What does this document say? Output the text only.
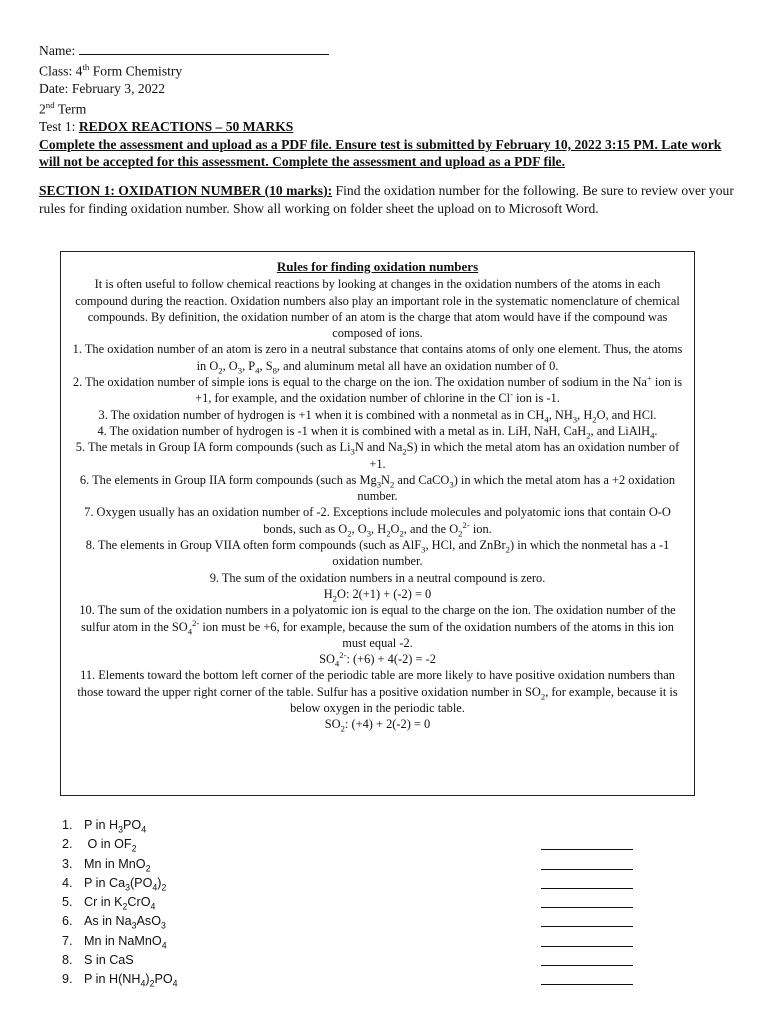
Name:
Class: 4th Form Chemistry
Date: February 3, 2022
2nd Term
Test 1: REDOX REACTIONS – 50 MARKS
Complete the assessment and upload as a PDF file. Ensure test is submitted by February 10, 2022 3:15 PM. Late work will not be accepted for this assessment. Complete the assessment and upload as a PDF file.
SECTION 1: OXIDATION NUMBER (10 marks): Find the oxidation number for the following. Be sure to review over your rules for finding oxidation number. Show all working on folder sheet the upload on to Microsoft Word.
Rules for finding oxidation numbers

It is often useful to follow chemical reactions by looking at changes in the oxidation numbers of the atoms in each compound during the reaction. Oxidation numbers also play an important role in the systematic nomenclature of chemical compounds. By definition, the oxidation number of an atom is the charge that atom would have if the compound was composed of ions.

1. The oxidation number of an atom is zero in a neutral substance that contains atoms of only one element. Thus, the atoms in $O_2$, $O_3$, $P_4$, $S_8$, and aluminum metal all have an oxidation number of 0.

2. The oxidation number of simple ions is equal to the charge on the ion. The oxidation number of sodium in the Na+ ion is +1, for example, and the oxidation number of chlorine in the Cl- ion is -1.

3. The oxidation number of hydrogen is +1 when it is combined with a nonmetal as in $CH_4$, $NH_3$, $H_2O$, and HCl.

4. The oxidation number of hydrogen is -1 when it is combined with a metal as in. LiH, NaH, CaH$_2$, and LiAlH$_4$.

5. The metals in Group IA form compounds (such as $Li_3N$ and $Na_2S$) in which the metal atom has an oxidation number of +1.

6. The elements in Group IIA form compounds (such as $Mg_3N_2$ and CaCO$_3$) in which the metal atom has a +2 oxidation number.

7. Oxygen usually has an oxidation number of -2. Exceptions include molecules and polyatomic ions that contain O-O bonds, such as $O_2$, $O_3$, $H_2O_2$, and the $O_2^{2-}$ ion.

8. The elements in Group VIIA often form compounds (such as AlF$_3$, HCl, and ZnBr$_2$) in which the nonmetal has a -1 oxidation number.

9. The sum of the oxidation numbers in a neutral compound is zero.

$H_2O$: 2(+1) + (-2) = 0

10. The sum of the oxidation numbers in a polyatomic ion is equal to the charge on the ion. The oxidation number of the sulfur atom in the $SO_4^{2-}$ ion must be +6, for example, because the sum of the oxidation numbers of the atoms in this ion must equal -2.

$SO_4^{2-}$: (+6) + 4(-2) = -2

11. Elements toward the bottom left corner of the periodic table are more likely to have positive oxidation numbers than those toward the upper right corner of the table. Sulfur has a positive oxidation number in $SO_2$, for example, because it is below oxygen in the periodic table.

$SO_2$: (+4) + 2(-2) = 0

1. P in $H_3PO_4$
2. O in $OF_2$
3. Mn in MnO$_2$
4. P in $Ca_3(PO_4)_2$
5. Cr in $K_2CrO_4$
6. As in $Na_3AsO_3$
7. Mn in NaMnO$_4$
8. S in CaS
9. P in $H(NH_4)_2PO_4$
